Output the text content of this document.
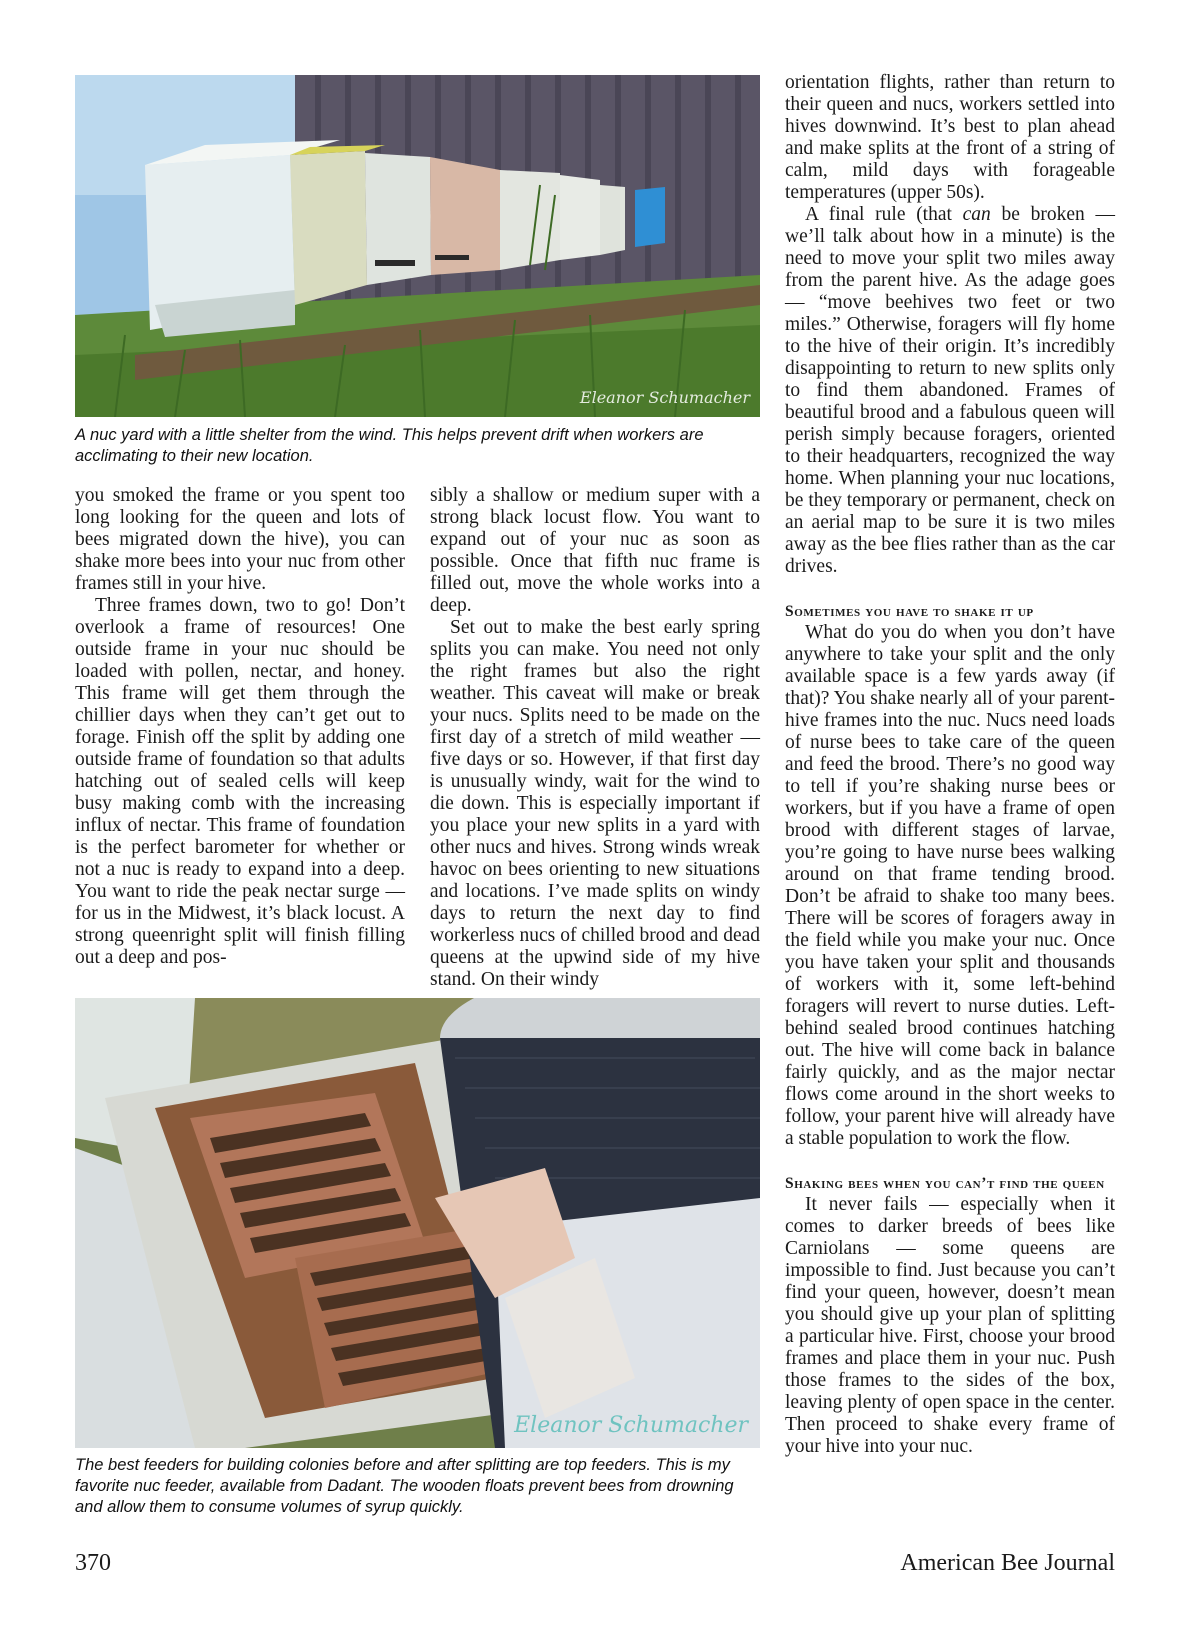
Eleanor Schumacher
A nuc yard with a little shelter from the wind. This helps prevent drift when workers are acclimating to their new location.

you smoked the frame or you spent too long looking for the queen and lots of bees migrated down the hive), you can shake more bees into your nuc from other frames still in your hive.

Three frames down, two to go! Don’t overlook a frame of resources! One outside frame in your nuc should be loaded with pollen, nectar, and honey. This frame will get them through the chillier days when they can’t get out to forage. Finish off the split by adding one outside frame of foundation so that adults hatching out of sealed cells will keep busy making comb with the increasing influx of nectar. This frame of foundation is the perfect barometer for whether or not a nuc is ready to expand into a deep. You want to ride the peak nectar surge — for us in the Midwest, it’s black locust. A strong queenright split will finish filling out a deep and pos-

sibly a shallow or medium super with a strong black locust flow. You want to expand out of your nuc as soon as possible. Once that fifth nuc frame is filled out, move the whole works into a deep.

Set out to make the best early spring splits you can make. You need not only the right frames but also the right weather. This caveat will make or break your nucs. Splits need to be made on the first day of a stretch of mild weather — five days or so. However, if that first day is unusually windy, wait for the wind to die down. This is especially important if you place your new splits in a yard with other nucs and hives. Strong winds wreak havoc on bees orienting to new situations and locations. I’ve made splits on windy days to return the next day to find workerless nucs of chilled brood and dead queens at the upwind side of my hive stand. On their windy

Eleanor Schumacher
The best feeders for building colonies before and after splitting are top feeders. This is my favorite nuc feeder, available from Dadant. The wooden floats prevent bees from drowning and allow them to consume volumes of syrup quickly.

orientation flights, rather than return to their queen and nucs, workers settled into hives downwind. It’s best to plan ahead and make splits at the front of a string of calm, mild days with forageable temperatures (upper 50s).

A final rule (that can be broken — we’ll talk about how in a minute) is the need to move your split two miles away from the parent hive. As the adage goes — “move beehives two feet or two miles.” Otherwise, foragers will fly home to the hive of their origin. It’s incredibly disappointing to return to new splits only to find them abandoned. Frames of beautiful brood and a fabulous queen will perish simply because foragers, oriented to their headquarters, recognized the way home. When planning your nuc locations, be they temporary or permanent, check on an aerial map to be sure it is two miles away as the bee flies rather than as the car drives.

Sometimes you have to shake it up

What do you do when you don’t have anywhere to take your split and the only available space is a few yards away (if that)? You shake nearly all of your parent-hive frames into the nuc. Nucs need loads of nurse bees to take care of the queen and feed the brood. There’s no good way to tell if you’re shaking nurse bees or workers, but if you have a frame of open brood with different stages of larvae, you’re going to have nurse bees walking around on that frame tending brood. Don’t be afraid to shake too many bees. There will be scores of foragers away in the field while you make your nuc. Once you have taken your split and thousands of workers with it, some left-behind foragers will revert to nurse duties. Left-behind sealed brood continues hatching out. The hive will come back in balance fairly quickly, and as the major nectar flows come around in the short weeks to follow, your parent hive will already have a stable population to work the flow.

Shaking bees when you can’t find the queen

It never fails — especially when it comes to darker breeds of bees like Carniolans — some queens are impossible to find. Just because you can’t find your queen, however, doesn’t mean you should give up your plan of splitting a particular hive. First, choose your brood frames and place them in your nuc. Push those frames to the sides of the box, leaving plenty of open space in the center. Then proceed to shake every frame of your hive into your nuc.

370	American Bee Journal
